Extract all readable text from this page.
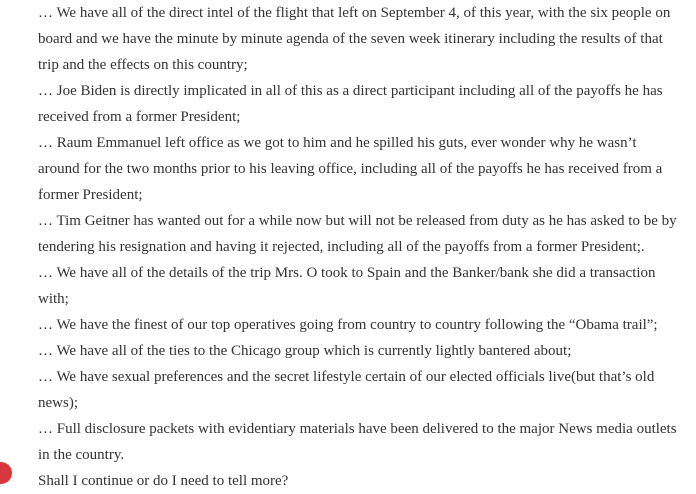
… We have all of the direct intel of the flight that left on September 4, of this year, with the six people on board and we have the minute by minute agenda of the seven week itinerary including the results of that trip and the effects on this country;

… Joe Biden is directly implicated in all of this as a direct participant including all of the payoffs he has received from a former President;

… Raum Emmanuel left office as we got to him and he spilled his guts, ever wonder why he wasn’t around for the two months prior to his leaving office, including all of the payoffs he has received from a former President;

… Tim Geitner has wanted out for a while now but will not be released from duty as he has asked to be by tendering his resignation and having it rejected, including all of the payoffs from a former President;.

… We have all of the details of the trip Mrs. O took to Spain and the Banker/bank she did a transaction with;

… We have the finest of our top operatives going from country to country following the “Obama trail”;

… We have all of the ties to the Chicago group which is currently lightly bantered about;

… We have sexual preferences and the secret lifestyle certain of our elected officials live(but that’s old news);

… Full disclosure packets with evidentiary materials have been delivered to the major News media outlets in the country.

Shall I continue or do I need to tell more?
